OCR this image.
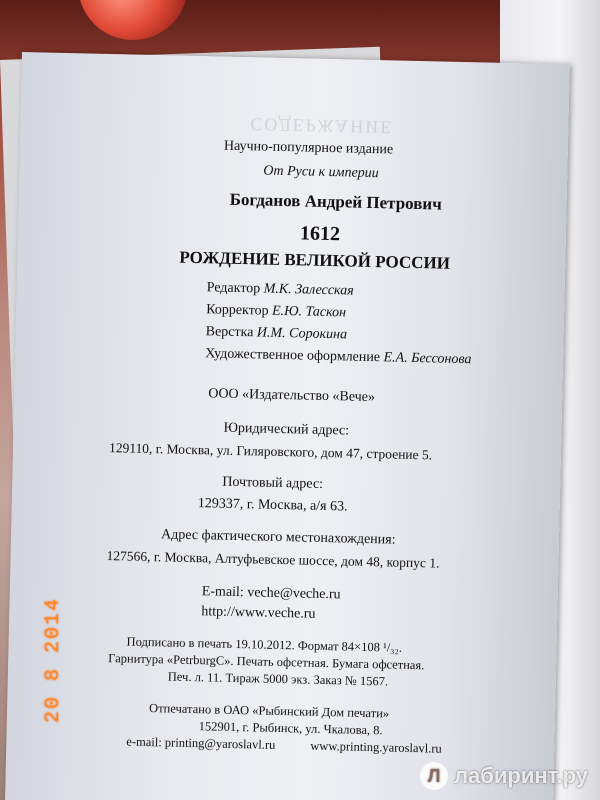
СОДЕРЖАНИЕ
Научно-популярное издание
От Руси к империи
Богданов Андрей Петрович
1612
РОЖДЕНИЕ ВЕЛИКОЙ РОССИИ
Редактор М.К. Залесская
Корректор Е.Ю. Таскон
Верстка И.М. Сорокина
Художественное оформление Е.А. Бессонова
ООО «Издательство «Вече»
Юридический адрес:
129110, г. Москва, ул. Гиляровского, дом 47, строение 5.
Почтовый адрес:
129337, г. Москва, а/я 63.
Адрес фактического местонахождения:
127566, г. Москва, Алтуфьевское шоссе, дом 48, корпус 1.
E-mail: veche@veche.ru
http://www.veche.ru
Подписано в печать 19.10.2012. Формат 84×108 ¹/₃₂.
Гарнитура «PetrburgC». Печать офсетная. Бумага офсетная.
Печ. л. 11. Тираж 5000 экз. Заказ № 1567.
Отпечатано в ОАО «Рыбинский Дом печати»
152901, г. Рыбинск, ул. Чкалова, 8.
e-mail: printing@yaroslavl.ru	www.printing.yaroslavl.ru
20 8 2014
Л лабиринт.ру
